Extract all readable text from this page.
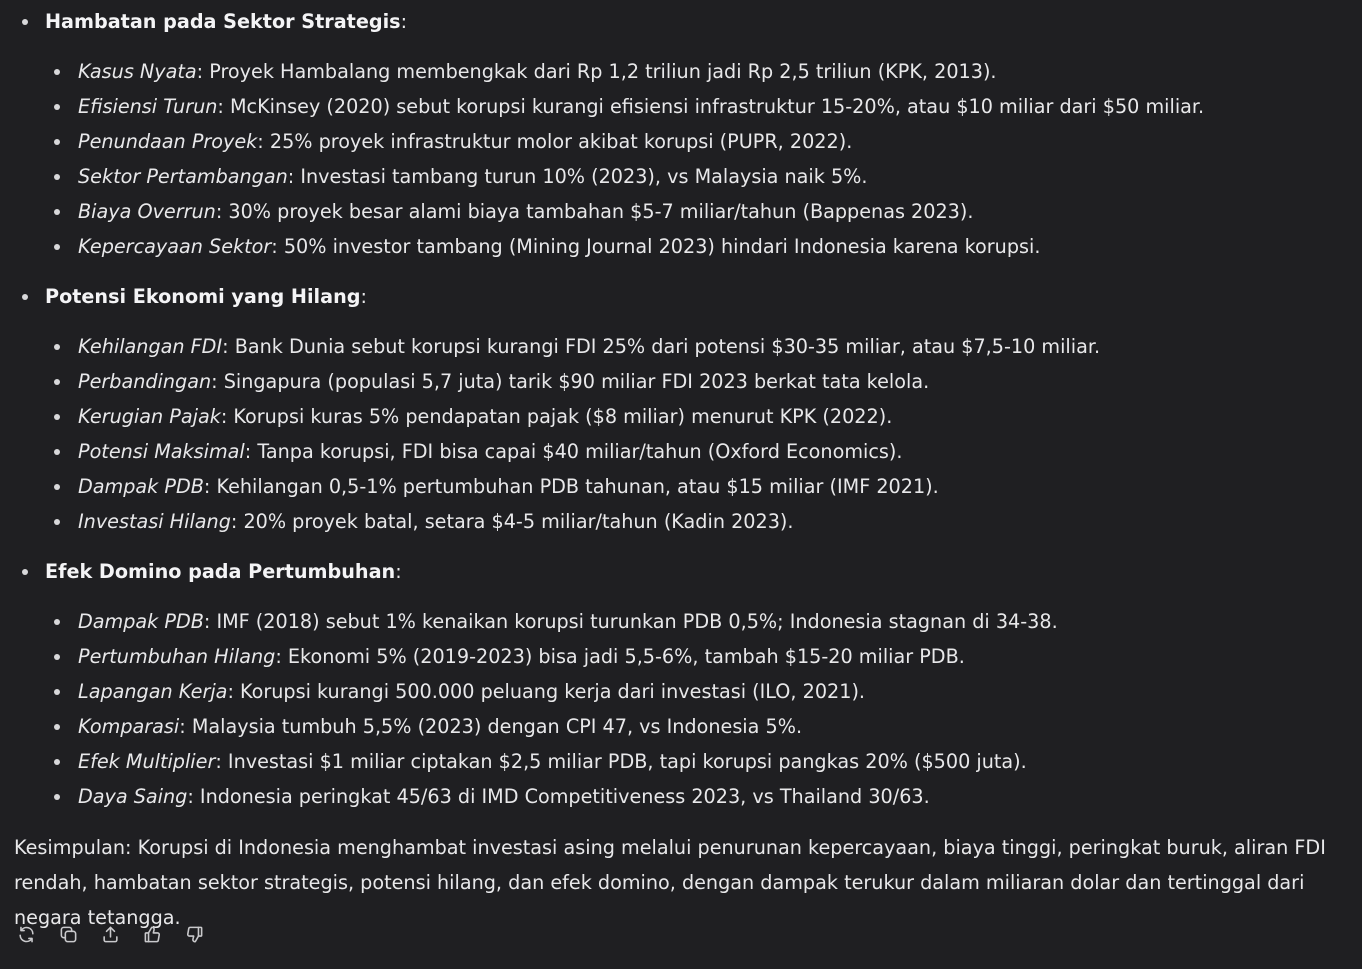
Hambatan pada Sektor Strategis:
Kasus Nyata: Proyek Hambalang membengkak dari Rp 1,2 triliun jadi Rp 2,5 triliun (KPK, 2013).
Efisiensi Turun: McKinsey (2020) sebut korupsi kurangi efisiensi infrastruktur 15-20%, atau $10 miliar dari $50 miliar.
Penundaan Proyek: 25% proyek infrastruktur molor akibat korupsi (PUPR, 2022).
Sektor Pertambangan: Investasi tambang turun 10% (2023), vs Malaysia naik 5%.
Biaya Overrun: 30% proyek besar alami biaya tambahan $5-7 miliar/tahun (Bappenas 2023).
Kepercayaan Sektor: 50% investor tambang (Mining Journal 2023) hindari Indonesia karena korupsi.
Potensi Ekonomi yang Hilang:
Kehilangan FDI: Bank Dunia sebut korupsi kurangi FDI 25% dari potensi $30-35 miliar, atau $7,5-10 miliar.
Perbandingan: Singapura (populasi 5,7 juta) tarik $90 miliar FDI 2023 berkat tata kelola.
Kerugian Pajak: Korupsi kuras 5% pendapatan pajak ($8 miliar) menurut KPK (2022).
Potensi Maksimal: Tanpa korupsi, FDI bisa capai $40 miliar/tahun (Oxford Economics).
Dampak PDB: Kehilangan 0,5-1% pertumbuhan PDB tahunan, atau $15 miliar (IMF 2021).
Investasi Hilang: 20% proyek batal, setara $4-5 miliar/tahun (Kadin 2023).
Efek Domino pada Pertumbuhan:
Dampak PDB: IMF (2018) sebut 1% kenaikan korupsi turunkan PDB 0,5%; Indonesia stagnan di 34-38.
Pertumbuhan Hilang: Ekonomi 5% (2019-2023) bisa jadi 5,5-6%, tambah $15-20 miliar PDB.
Lapangan Kerja: Korupsi kurangi 500.000 peluang kerja dari investasi (ILO, 2021).
Komparasi: Malaysia tumbuh 5,5% (2023) dengan CPI 47, vs Indonesia 5%.
Efek Multiplier: Investasi $1 miliar ciptakan $2,5 miliar PDB, tapi korupsi pangkas 20% ($500 juta).
Daya Saing: Indonesia peringkat 45/63 di IMD Competitiveness 2023, vs Thailand 30/63.

Kesimpulan: Korupsi di Indonesia menghambat investasi asing melalui penurunan kepercayaan, biaya tinggi, peringkat buruk, aliran FDI rendah, hambatan sektor strategis, potensi hilang, dan efek domino, dengan dampak terukur dalam miliaran dolar dan tertinggal dari negara tetangga.
